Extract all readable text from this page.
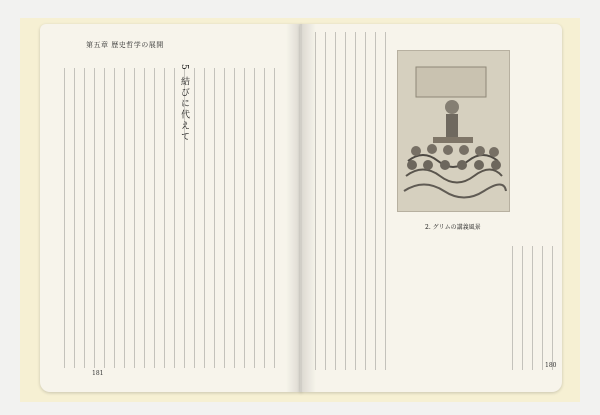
第五章 歴史哲学の展開
5 結びに代えて
181
2. グリムの講義風景
180
